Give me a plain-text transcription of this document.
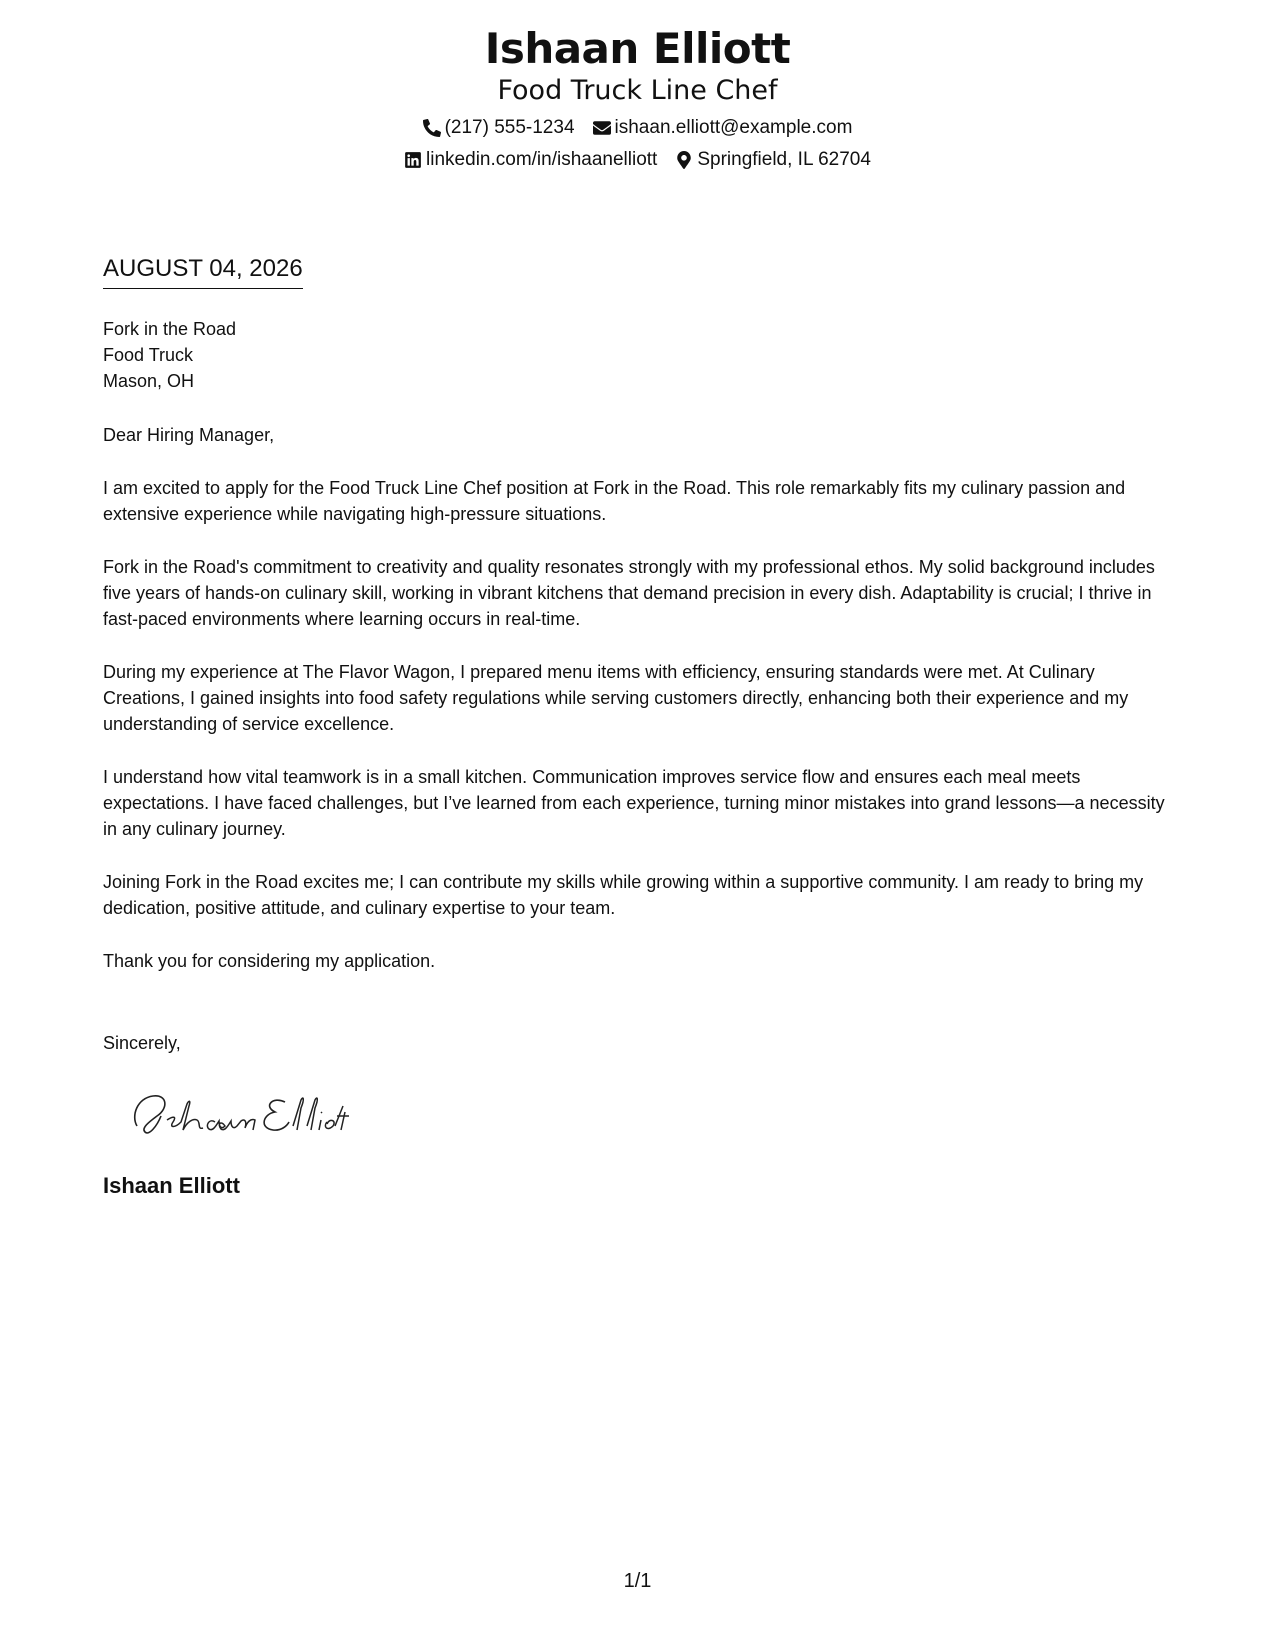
Ishaan Elliott
Food Truck Line Chef
(217) 555-1234 ishaan.elliott@example.com
linkedin.com/in/ishaanelliott Springfield, IL 62704
AUGUST 04, 2026
Fork in the Road
Food Truck
Mason, OH

Dear Hiring Manager,

I am excited to apply for the Food Truck Line Chef position at Fork in the Road. This role remarkably fits my culinary passion and extensive experience while navigating high-pressure situations.

Fork in the Road's commitment to creativity and quality resonates strongly with my professional ethos. My solid background includes five years of hands-on culinary skill, working in vibrant kitchens that demand precision in every dish. Adaptability is crucial; I thrive in fast-paced environments where learning occurs in real-time.

During my experience at The Flavor Wagon, I prepared menu items with efficiency, ensuring standards were met. At Culinary Creations, I gained insights into food safety regulations while serving customers directly, enhancing both their experience and my understanding of service excellence.

I understand how vital teamwork is in a small kitchen. Communication improves service flow and ensures each meal meets expectations. I have faced challenges, but I’ve learned from each experience, turning minor mistakes into grand lessons—a necessity in any culinary journey.

Joining Fork in the Road excites me; I can contribute my skills while growing within a supportive community. I am ready to bring my dedication, positive attitude, and culinary expertise to your team.

Thank you for considering my application.

Sincerely,
Ishaan Elliott
1/1
